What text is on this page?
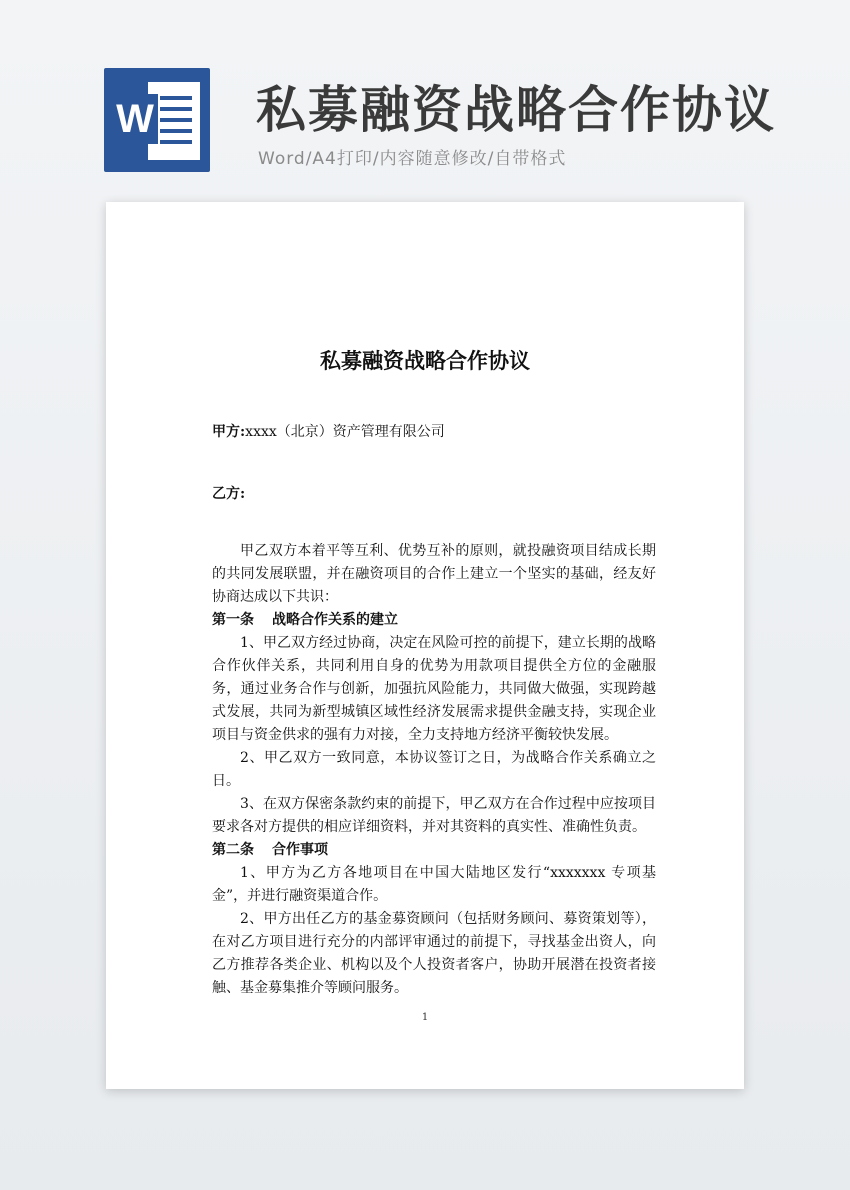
W 私募融资战略合作协议
Word/A4打印/内容随意修改/自带格式
私募融资战略合作协议
甲方:xxxx（北京）资产管理有限公司
乙方:

甲乙双方本着平等互利、优势互补的原则，就投融资项目结成长期的共同发展联盟，并在融资项目的合作上建立一个坚实的基础，经友好协商达成以下共识：

第一条 战略合作关系的建立

1、甲乙双方经过协商，决定在风险可控的前提下，建立长期的战略合作伙伴关系，共同利用自身的优势为用款项目提供全方位的金融服务，通过业务合作与创新，加强抗风险能力，共同做大做强，实现跨越式发展，共同为新型城镇区域性经济发展需求提供金融支持，实现企业项目与资金供求的强有力对接，全力支持地方经济平衡较快发展。

2、甲乙双方一致同意，本协议签订之日，为战略合作关系确立之日。

3、在双方保密条款约束的前提下，甲乙双方在合作过程中应按项目要求各对方提供的相应详细资料，并对其资料的真实性、准确性负责。

第二条 合作事项

1、甲方为乙方各地项目在中国大陆地区发行“xxxxxxx 专项基金”，并进行融资渠道合作。

2、甲方出任乙方的基金募资顾问（包括财务顾问、募资策划等），在对乙方项目进行充分的内部评审通过的前提下，寻找基金出资人，向乙方推荐各类企业、机构以及个人投资者客户，协助开展潜在投资者接触、基金募集推介等顾问服务。

1
